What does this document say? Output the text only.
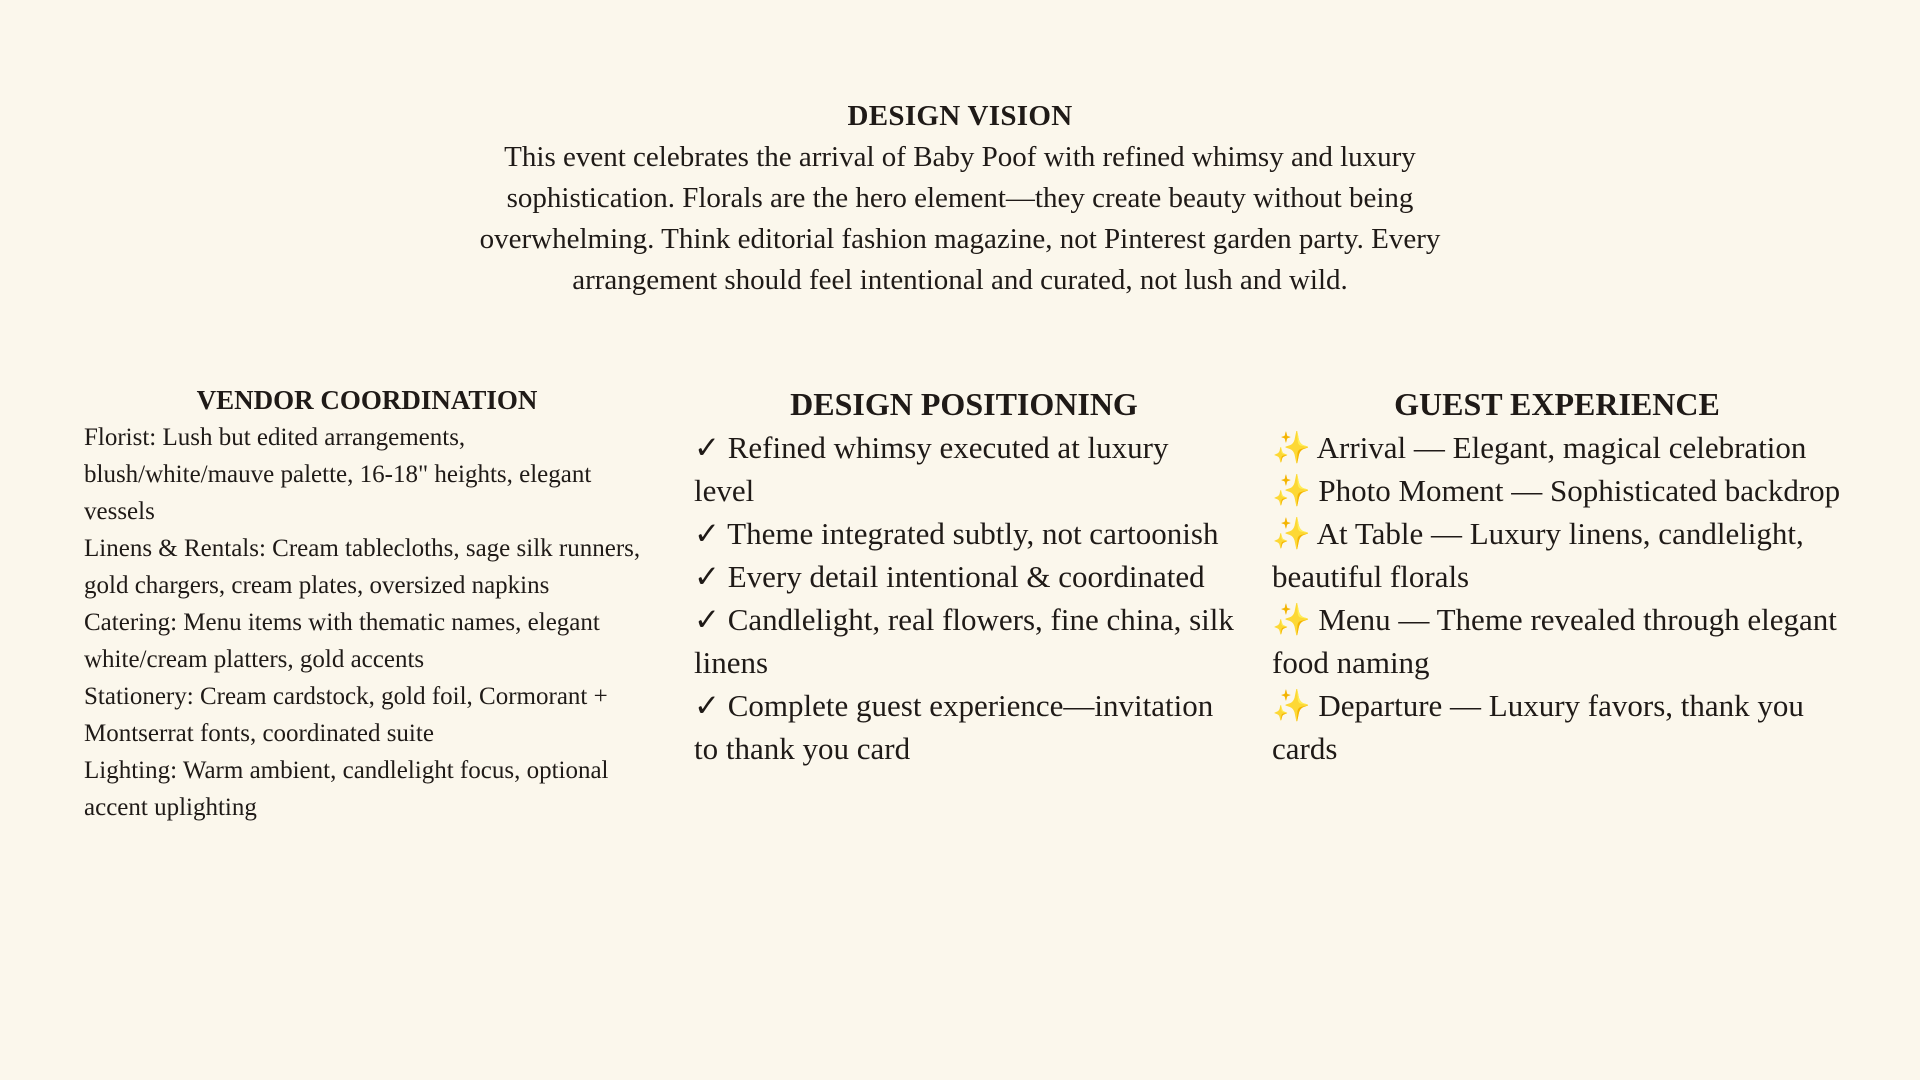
DESIGN VISION

This event celebrates the arrival of Baby Poof with refined whimsy and luxury sophistication. Florals are the hero element—they create beauty without being overwhelming. Think editorial fashion magazine, not Pinterest garden party. Every arrangement should feel intentional and curated, not lush and wild.

VENDOR COORDINATION
Florist: Lush but edited arrangements, blush/white/mauve palette, 16-18" heights, elegant vessels
Linens & Rentals: Cream tablecloths, sage silk runners, gold chargers, cream plates, oversized napkins
Catering: Menu items with thematic names, elegant white/cream platters, gold accents
Stationery: Cream cardstock, gold foil, Cormorant + Montserrat fonts, coordinated suite
Lighting: Warm ambient, candlelight focus, optional accent uplighting
DESIGN POSITIONING
✓ Refined whimsy executed at luxury level
✓ Theme integrated subtly, not cartoonish
✓ Every detail intentional & coordinated
✓ Candlelight, real flowers, fine china, silk linens
✓ Complete guest experience—invitation to thank you card
GUEST EXPERIENCE
✨ Arrival — Elegant, magical celebration
✨ Photo Moment — Sophisticated backdrop
✨ At Table — Luxury linens, candlelight, beautiful florals
✨ Menu — Theme revealed through elegant food naming
✨ Departure — Luxury favors, thank you cards
